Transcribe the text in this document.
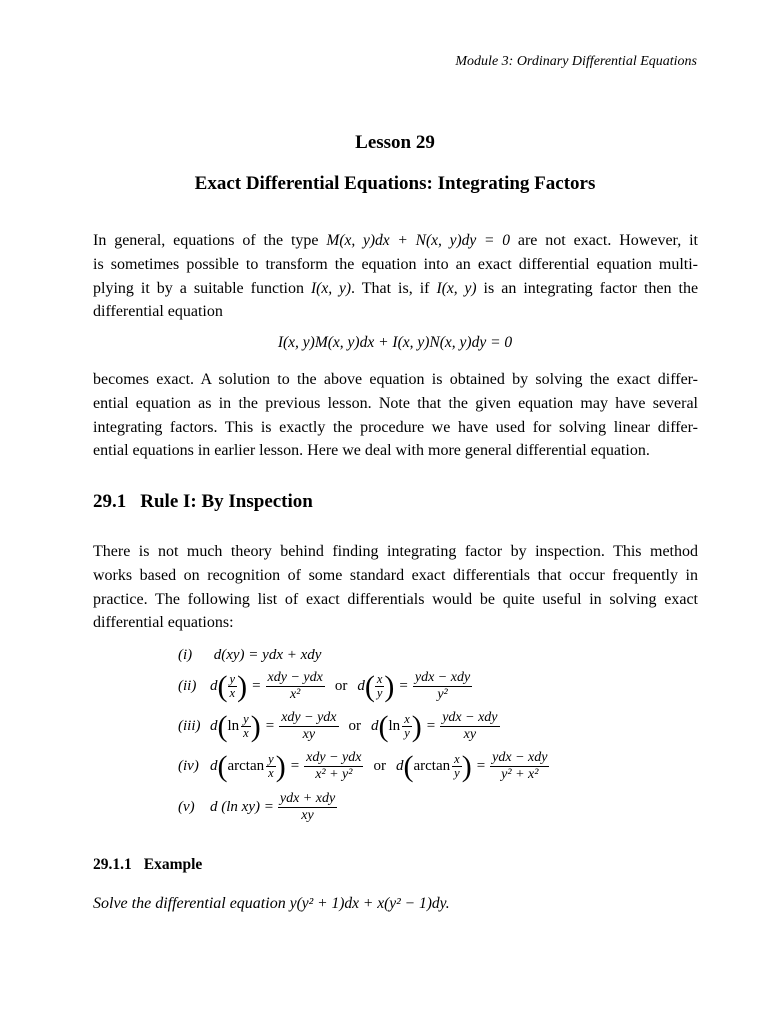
Module 3: Ordinary Differential Equations
Lesson 29
Exact Differential Equations: Integrating Factors
In general, equations of the type M(x, y)dx + N(x, y)dy = 0 are not exact. However, it
is sometimes possible to transform the equation into an exact differential equation multi-
plying it by a suitable function I(x, y). That is, if I(x, y) is an integrating factor then the
differential equation
I(x, y)M(x, y)dx + I(x, y)N(x, y)dy = 0
becomes exact. A solution to the above equation is obtained by solving the exact differ-
ential equation as in the previous lesson. Note that the given equation may have several
integrating factors. This is exactly the procedure we have used for solving linear differ-
ential equations in earlier lesson. Here we deal with more general differential equation.
29.1 Rule I: By Inspection
There is not much theory behind finding integrating factor by inspection. This method
works based on recognition of some standard exact differentials that occur frequently in
practice. The following list of exact differentials would be quite useful in solving exact
differential equations:
(i) d(xy) = ydx + xdy
(ii) d ( $\frac{y}{x}$ ) = $\frac{\text{xdy − ydx}}{\text{x²}}$ or d ( $\frac{x}{y}$ ) = $\frac{\text{ydx − xdy}}{\text{y²}}$
(iii) d ( $\ln \frac{y}{x}$ ) = $\frac{\text{xdy − ydx}}{xy}$ or d ( $\ln \frac{x}{y}$ ) = $\frac{\text{ydx − xdy}}{xy}$
(iv) d ( $\arctan \frac{y}{x}$ ) = $\frac{\text{xdy − ydx}}{\text{x² + y²}}$ or d ( $\arctan \frac{x}{y}$ ) = $\frac{\text{ydx − xdy}}{\text{y² + x²}}$
(v)	d (ln $xy) = \frac{\text{ydx + xdy}}{xy}$
29.1.1 Example
Solve the differential equation y(y² + 1)dx + x(y² − 1)dy.
